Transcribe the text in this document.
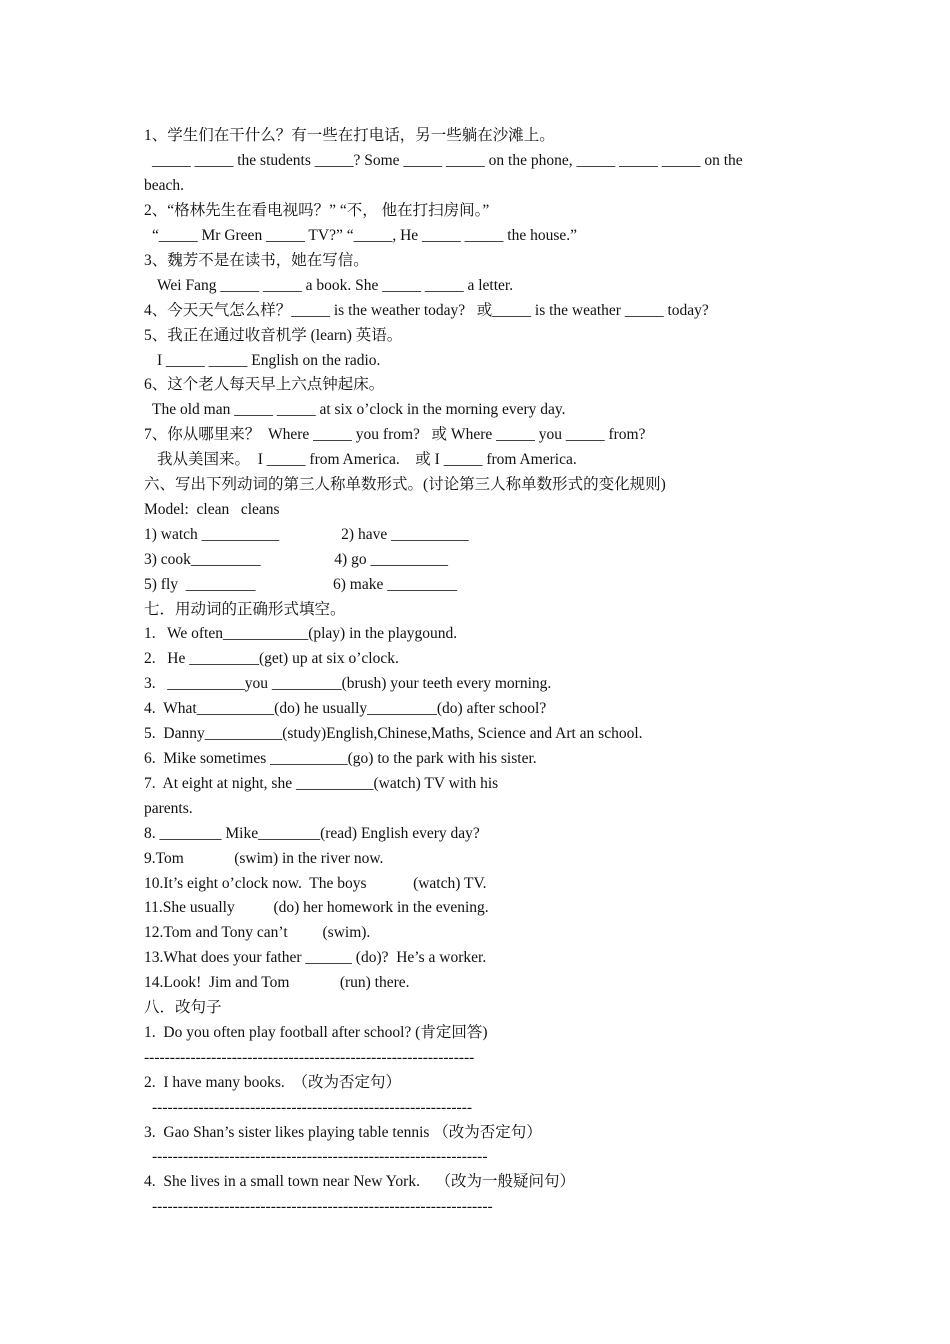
1、学生们在干什么？有一些在打电话，另一些躺在沙滩上。
_____ _____ the students _____? Some _____ _____ on the phone, _____ _____ _____ on the
beach.
2、“格林先生在看电视吗？” “不， 他在打扫房间。”
“_____ Mr Green _____ TV?” “_____, He _____ _____ the house.”
3、魏芳不是在读书，她在写信。
Wei Fang _____ _____ a book. She _____ _____ a letter.
4、今天天气怎么样？_____ is the weather today?   或_____ is the weather _____ today?
5、我正在通过收音机学 (learn) 英语。
I _____ _____ English on the radio.
6、这个老人每天早上六点钟起床。
The old man _____ _____ at six o’clock in the morning every day.
7、你从哪里来？  Where _____ you from?   或 Where _____ you _____ from?
我从美国来。  I _____ from America.    或 I _____ from America.
六、写出下列动词的第三人称单数形式。(讨论第三人称单数形式的变化规则)
Model:  clean   cleans
1) watch __________                2) have __________
3) cook_________                   4) go __________
5) fly  _________                    6) make _________
七．用动词的正确形式填空。
1.   We often___________(play) in the playgound.
2.   He _________(get) up at six o’clock.
3.   __________you _________(brush) your teeth every morning.
4.  What__________(do) he usually_________(do) after school?
5.  Danny__________(study)English,Chinese,Maths, Science and Art an school.
6.  Mike sometimes __________(go) to the park with his sister.
7.  At eight at night, she __________(watch) TV with his
parents.
8. ________ Mike________(read) English every day?
9.Tom             (swim) in the river now.
10.It’s eight o’clock now.  The boys            (watch) TV.
11.She usually          (do) her homework in the evening.
12.Tom and Tony can’t         (swim).
13.What does your father ______ (do)?  He’s a worker.
14.Look!  Jim and Tom             (run) there.
八．改句子
1.  Do you often play football after school? (肯定回答)
----------------------------------------------------------------
2.  I have many books.  （改为否定句）
--------------------------------------------------------------
3.  Gao Shan’s sister likes playing table tennis （改为否定句）
-----------------------------------------------------------------
4.  She lives in a small town near New York.    （改为一般疑问句）
------------------------------------------------------------------
